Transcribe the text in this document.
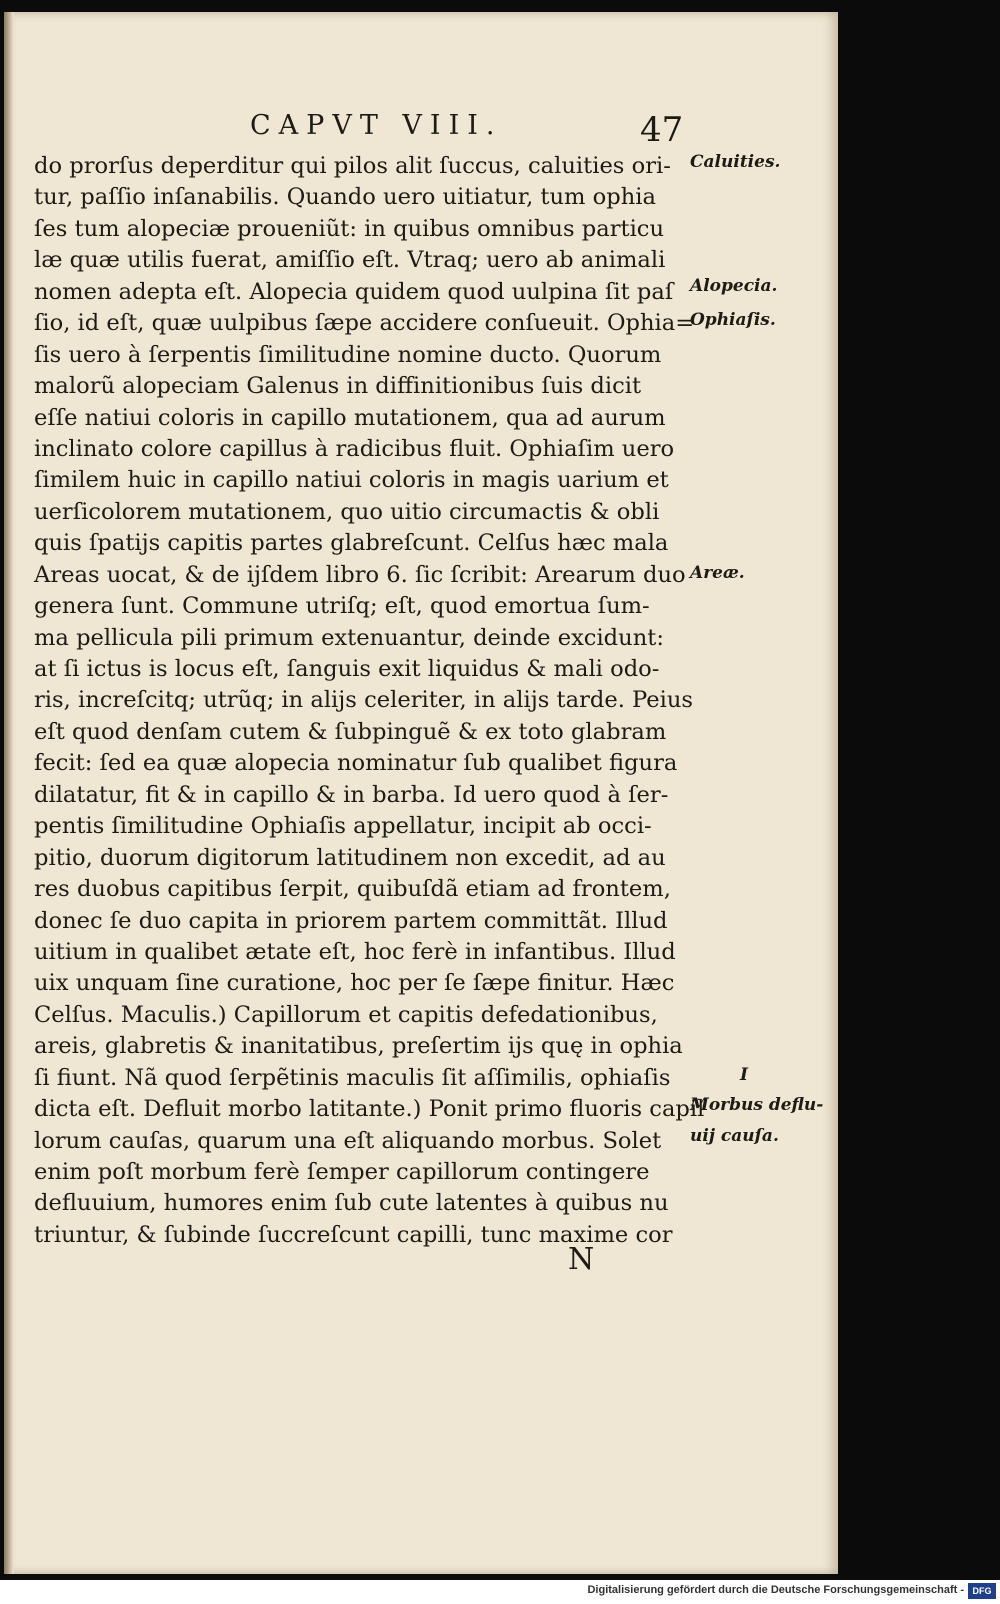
CAPVT VIII.	47
do prorſus deperditur qui pilos alit ſuccus, caluities ori-
tur, paſſio inſanabilis. Quando uero uitiatur, tum ophia
ſes tum alopeciæ proueniũt: in quibus omnibus particu
læ quæ utilis fuerat, amiſſio eſt. Vtraq; uero ab animali
nomen adepta eſt. Alopecia quidem quod uulpina ſit paſ
ſio, id eſt, quæ uulpibus ſæpe accidere conſueuit. Ophia=
ſis uero à ſerpentis ſimilitudine nomine ducto. Quorum
malorũ alopeciam Galenus in diffinitionibus ſuis dicit
eſſe natiui coloris in capillo mutationem, qua ad aurum
inclinato colore capillus à radicibus fluit. Ophiaſim uero
ſimilem huic in capillo natiui coloris in magis uarium et
uerſicolorem mutationem, quo uitio circumactis & obli
quis ſpatijs capitis partes glabreſcunt. Celſus hæc mala
Areas uocat, & de ijſdem libro 6. ſic ſcribit: Arearum duo
genera ſunt. Commune utriſq; eſt, quod emortua ſum-
ma pellicula pili primum extenuantur, deinde excidunt:
at ſi ictus is locus eſt, ſanguis exit liquidus & mali odo-
ris, increſcitq; utrũq; in alijs celeriter, in alijs tarde. Peius
eſt quod denſam cutem & ſubpinguẽ & ex toto glabram
fecit: ſed ea quæ alopecia nominatur ſub qualibet figura
dilatatur, fit & in capillo & in barba. Id uero quod à ſer-
pentis ſimilitudine Ophiaſis appellatur, incipit ab occi-
pitio, duorum digitorum latitudinem non excedit, ad au
res duobus capitibus ſerpit, quibuſdã etiam ad frontem,
donec ſe duo capita in priorem partem committãt. Illud
uitium in qualibet ætate eſt, hoc ferè in infantibus. Illud
uix unquam ſine curatione, hoc per ſe ſæpe finitur. Hæc
Celſus. Maculis.) Capillorum et capitis defedationibus,
areis, glabretis & inanitatibus, preſertim ijs quę in ophia
ſi fiunt. Nã quod ſerpẽtinis maculis ſit aſſimilis, ophiaſis
dicta eſt. Defluit morbo latitante.) Ponit primo fluoris capil
lorum cauſas, quarum una eſt aliquando morbus. Solet
enim poſt morbum ferè ſemper capillorum contingere
defluuium, humores enim ſub cute latentes à quibus nu
triuntur, & ſubinde ſuccreſcunt capilli, tunc maxime cor
Caluities.
Alopecia.
Ophiaſis.
Areæ.
I
Morbus deflu-
uij cauſa.
N
Digitalisierung gefördert durch die Deutsche Forschungsgemeinschaft - DFG
